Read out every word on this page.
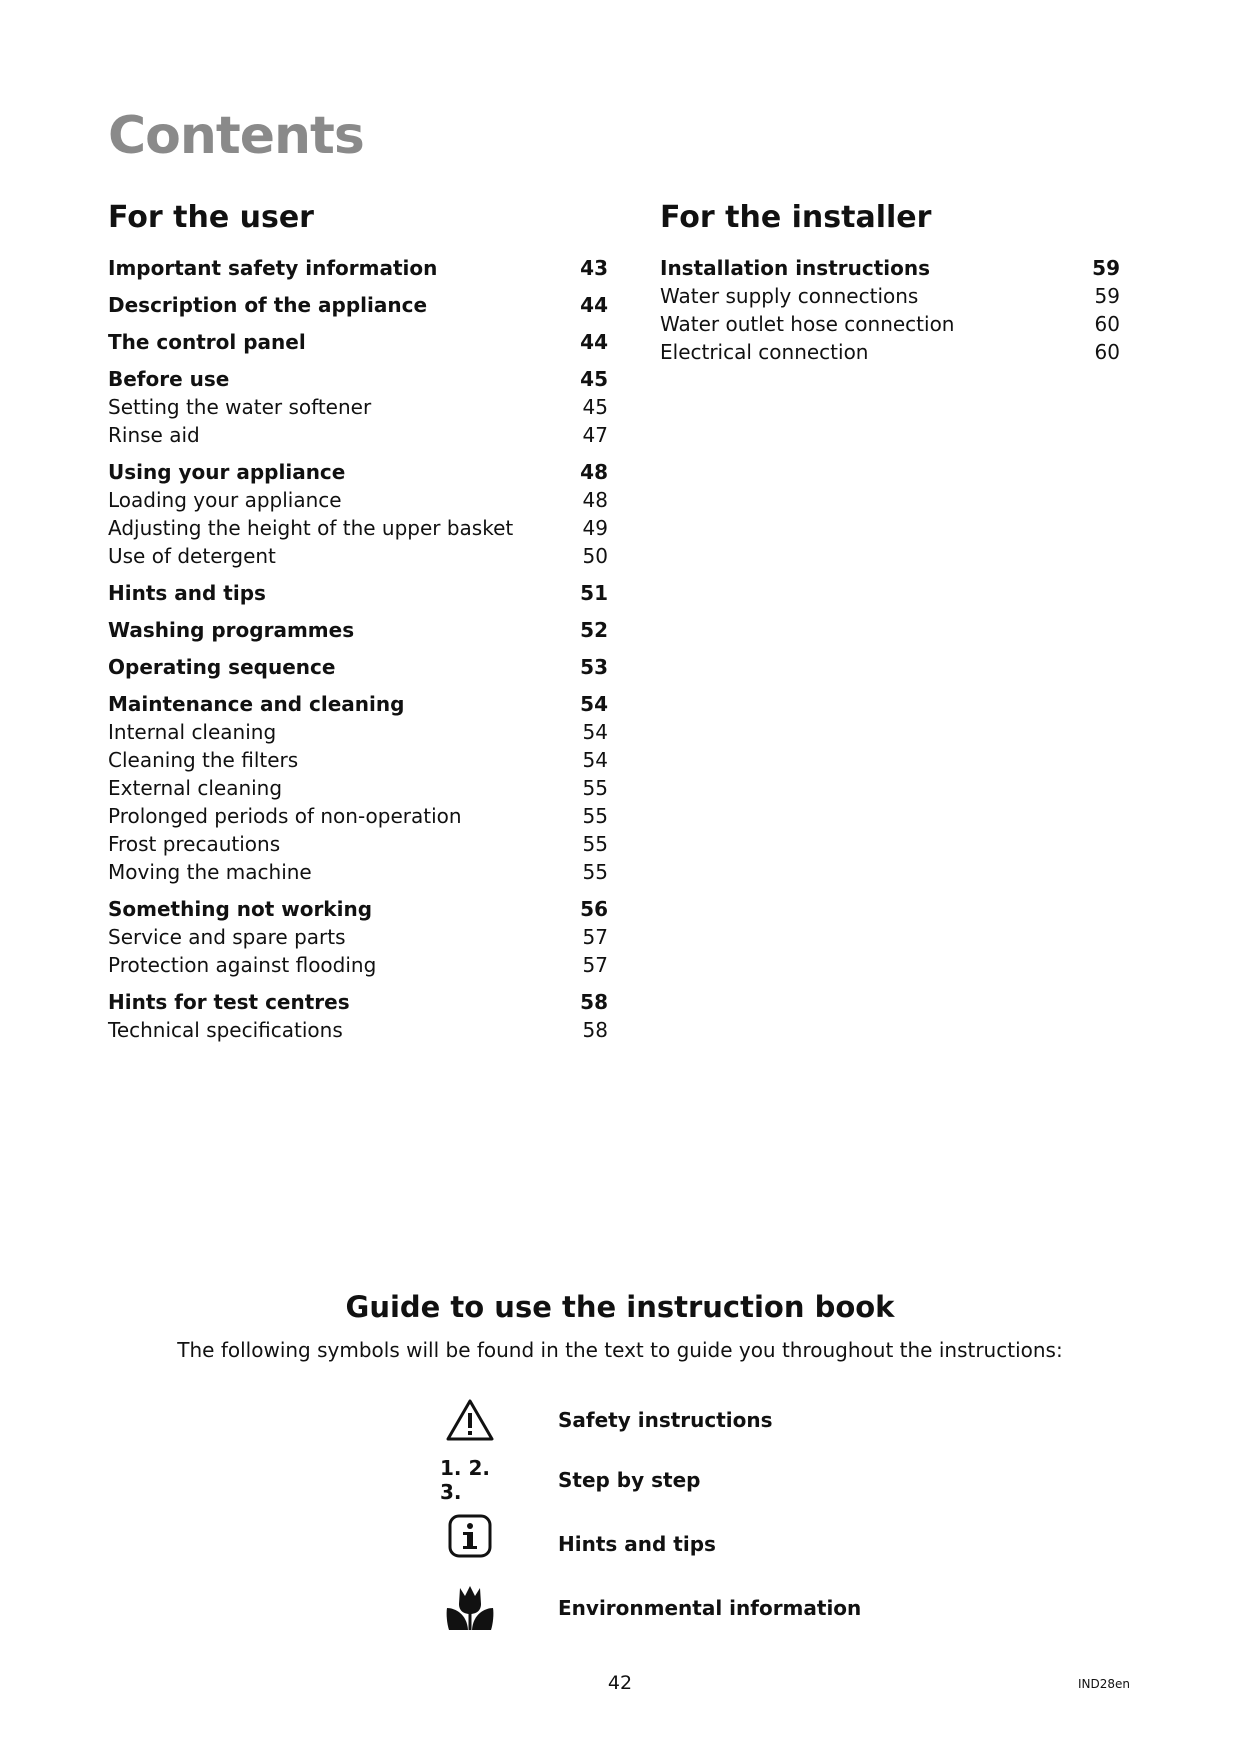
Contents
For the user
Important safety information	43
Description of the appliance	44
The control panel	44
Before use	45
Setting the water softener	45
Rinse aid	47
Using your appliance	48
Loading your appliance	48
Adjusting the height of the upper basket	49
Use of detergent	50
Hints and tips	51
Washing programmes	52
Operating sequence	53
Maintenance and cleaning	54
Internal cleaning	54
Cleaning the filters	54
External cleaning	55
Prolonged periods of non-operation	55
Frost precautions	55
Moving the machine	55
Something not working	56
Service and spare parts	57
Protection against flooding	57
Hints for test centres	58
Technical specifications	58
For the installer
Installation instructions	59
Water supply connections	59
Water outlet hose connection	60
Electrical connection	60
Guide to use the instruction book
The following symbols will be found in the text to guide you throughout the instructions:
Safety instructions
1. 2. 3.	Step by step
Hints and tips
Environmental information
42	IND28en
